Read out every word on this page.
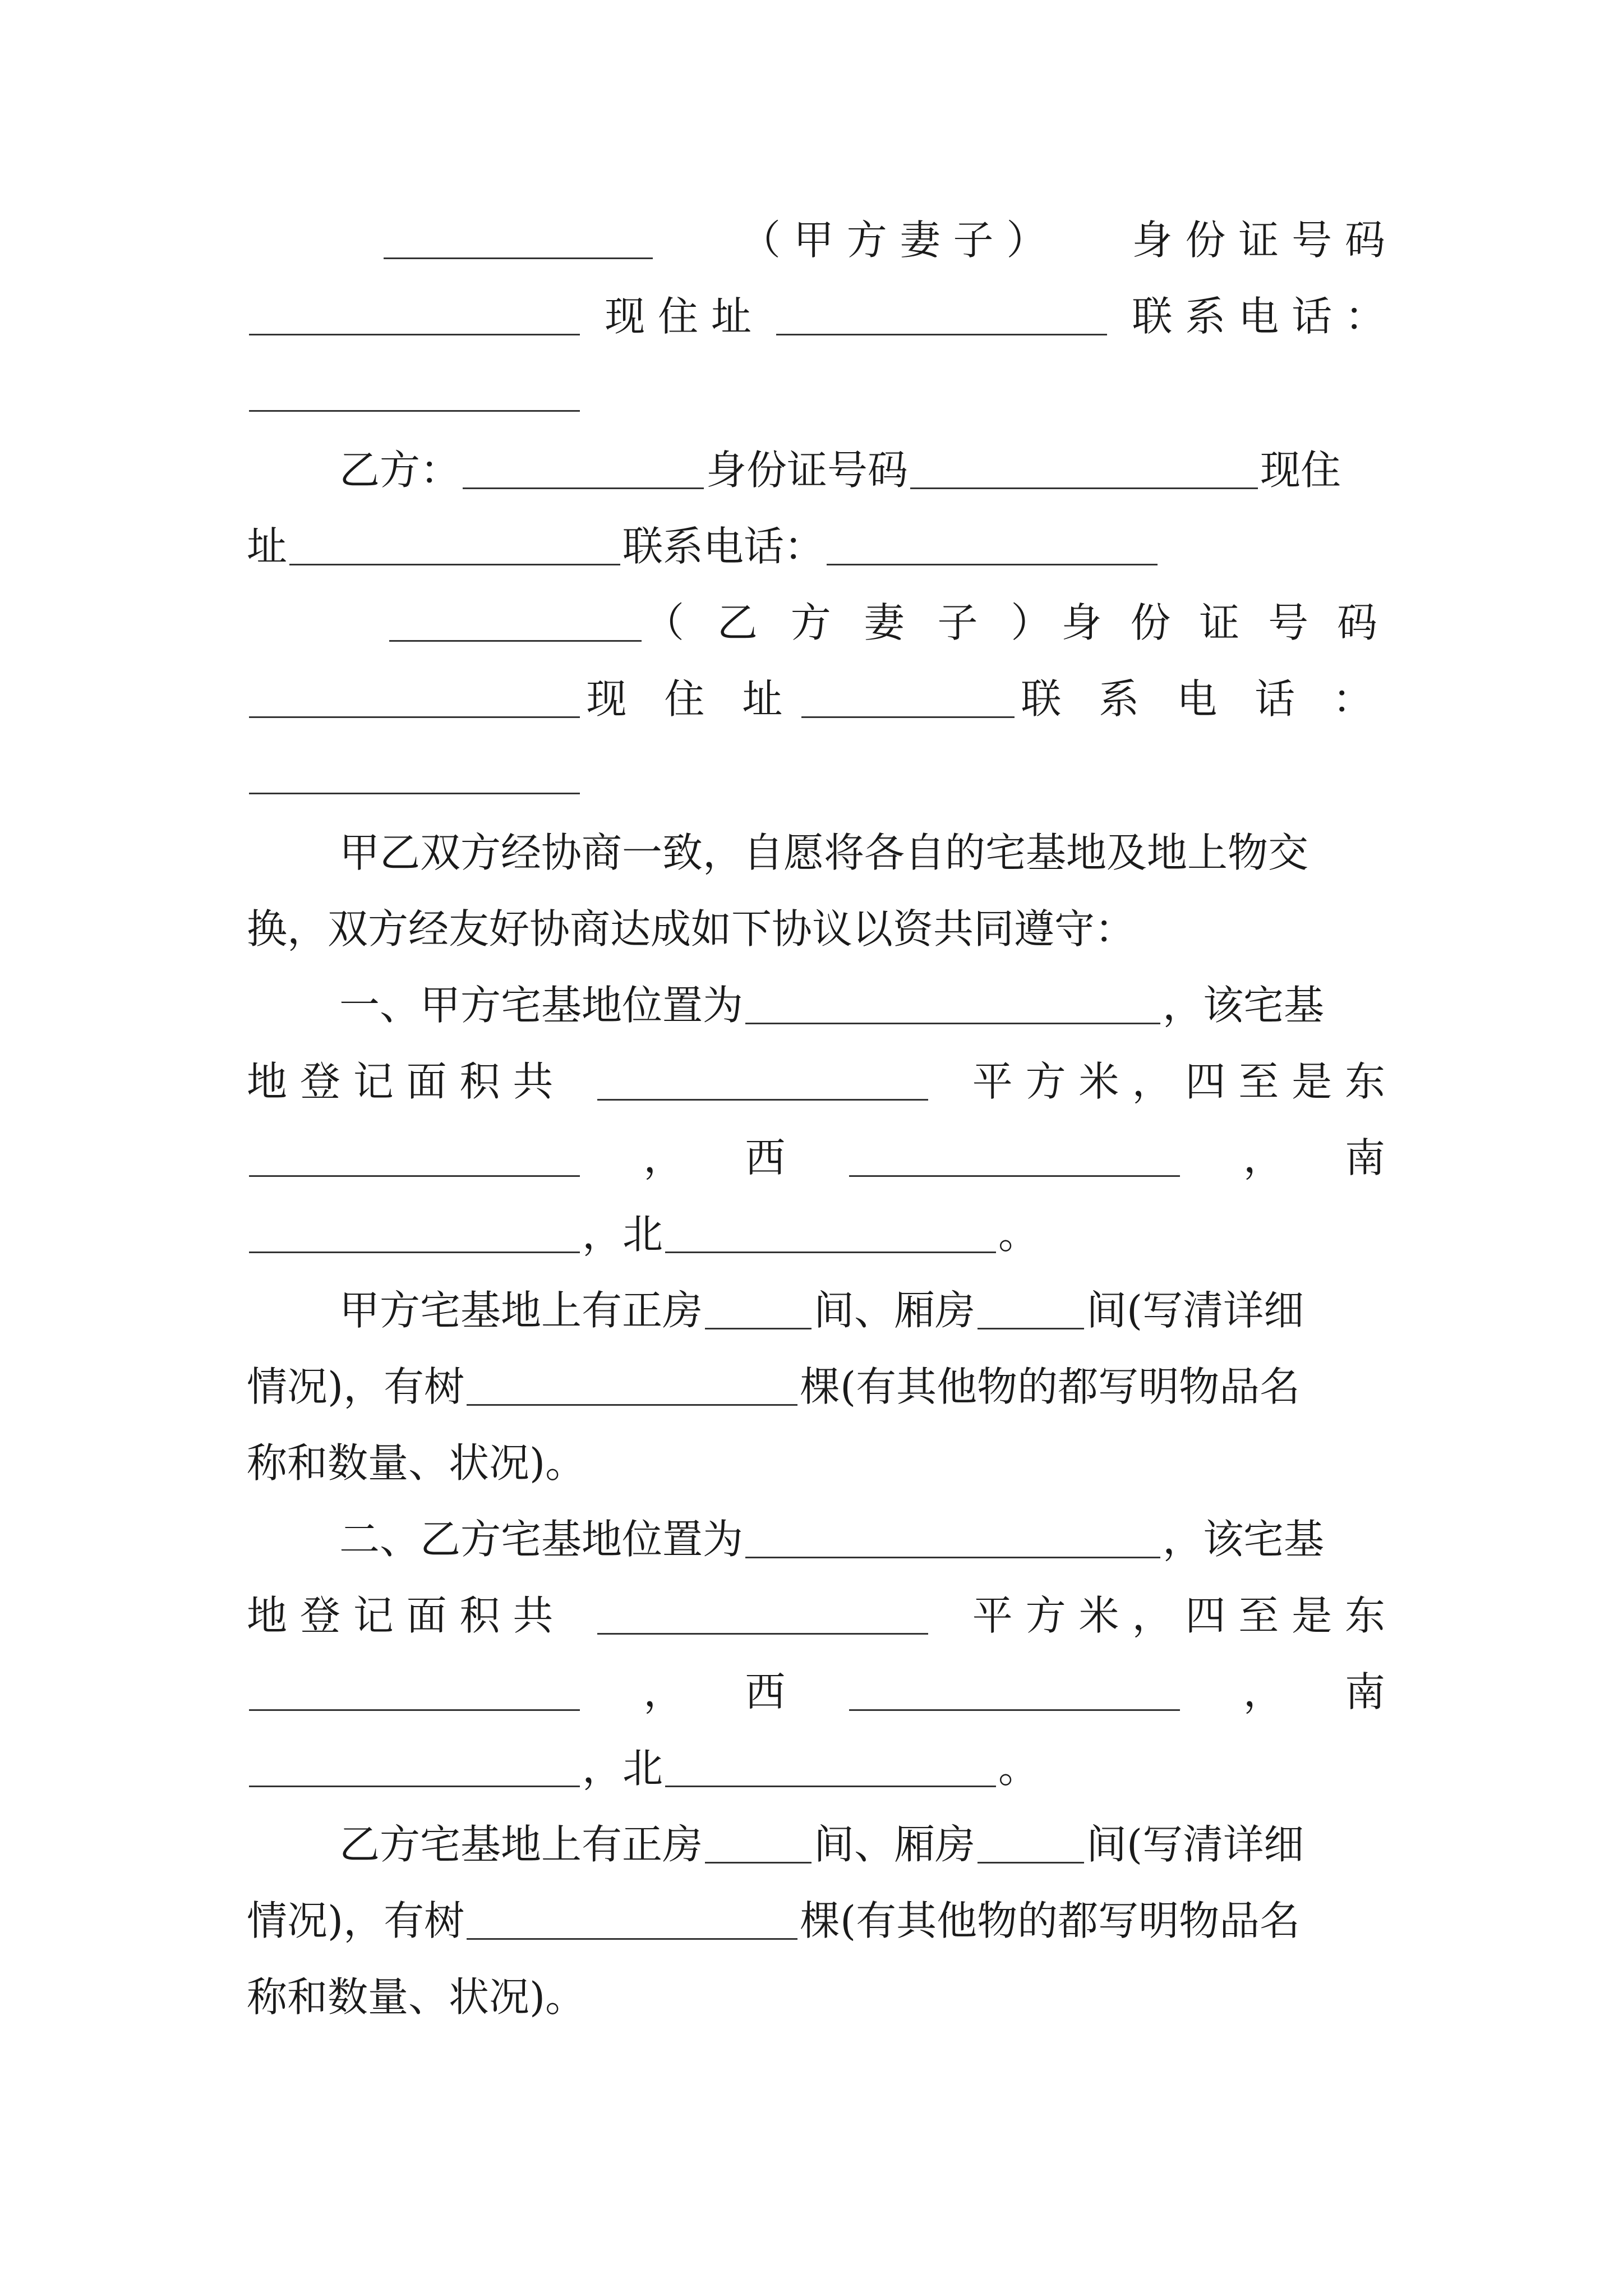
（ 甲 方 妻 子 ） 身 份 证 号 码
现 住 址	联 系 电 话 ：
乙方：	身份证号码	现住
址	联系电话：
（ 乙 方 妻 子 ） 身 份 证 号 码
现 住 址	联 系 电 话 ：
甲乙双方经协商一致，自愿将各自的宅基地及地上物交
换，双方经友好协商达成如下协议以资共同遵守：
一、甲方宅基地位置为	，该宅基
地 登 记 面 积 共	平 方 米 ， 四 至 是 东
， 西	， 南
， 北	。
甲方宅基地上有正房	间、厢房	间(写清详细
情况)，有树	棵(有其他物的都写明物品名
称和数量、状况)。
二、乙方宅基地位置为	，该宅基
地 登 记 面 积 共	平 方 米 ， 四 至 是 东
， 西	， 南
， 北	。
乙方宅基地上有正房	间、厢房	间(写清详细
情况)，有树	棵(有其他物的都写明物品名
称和数量、状况)。
